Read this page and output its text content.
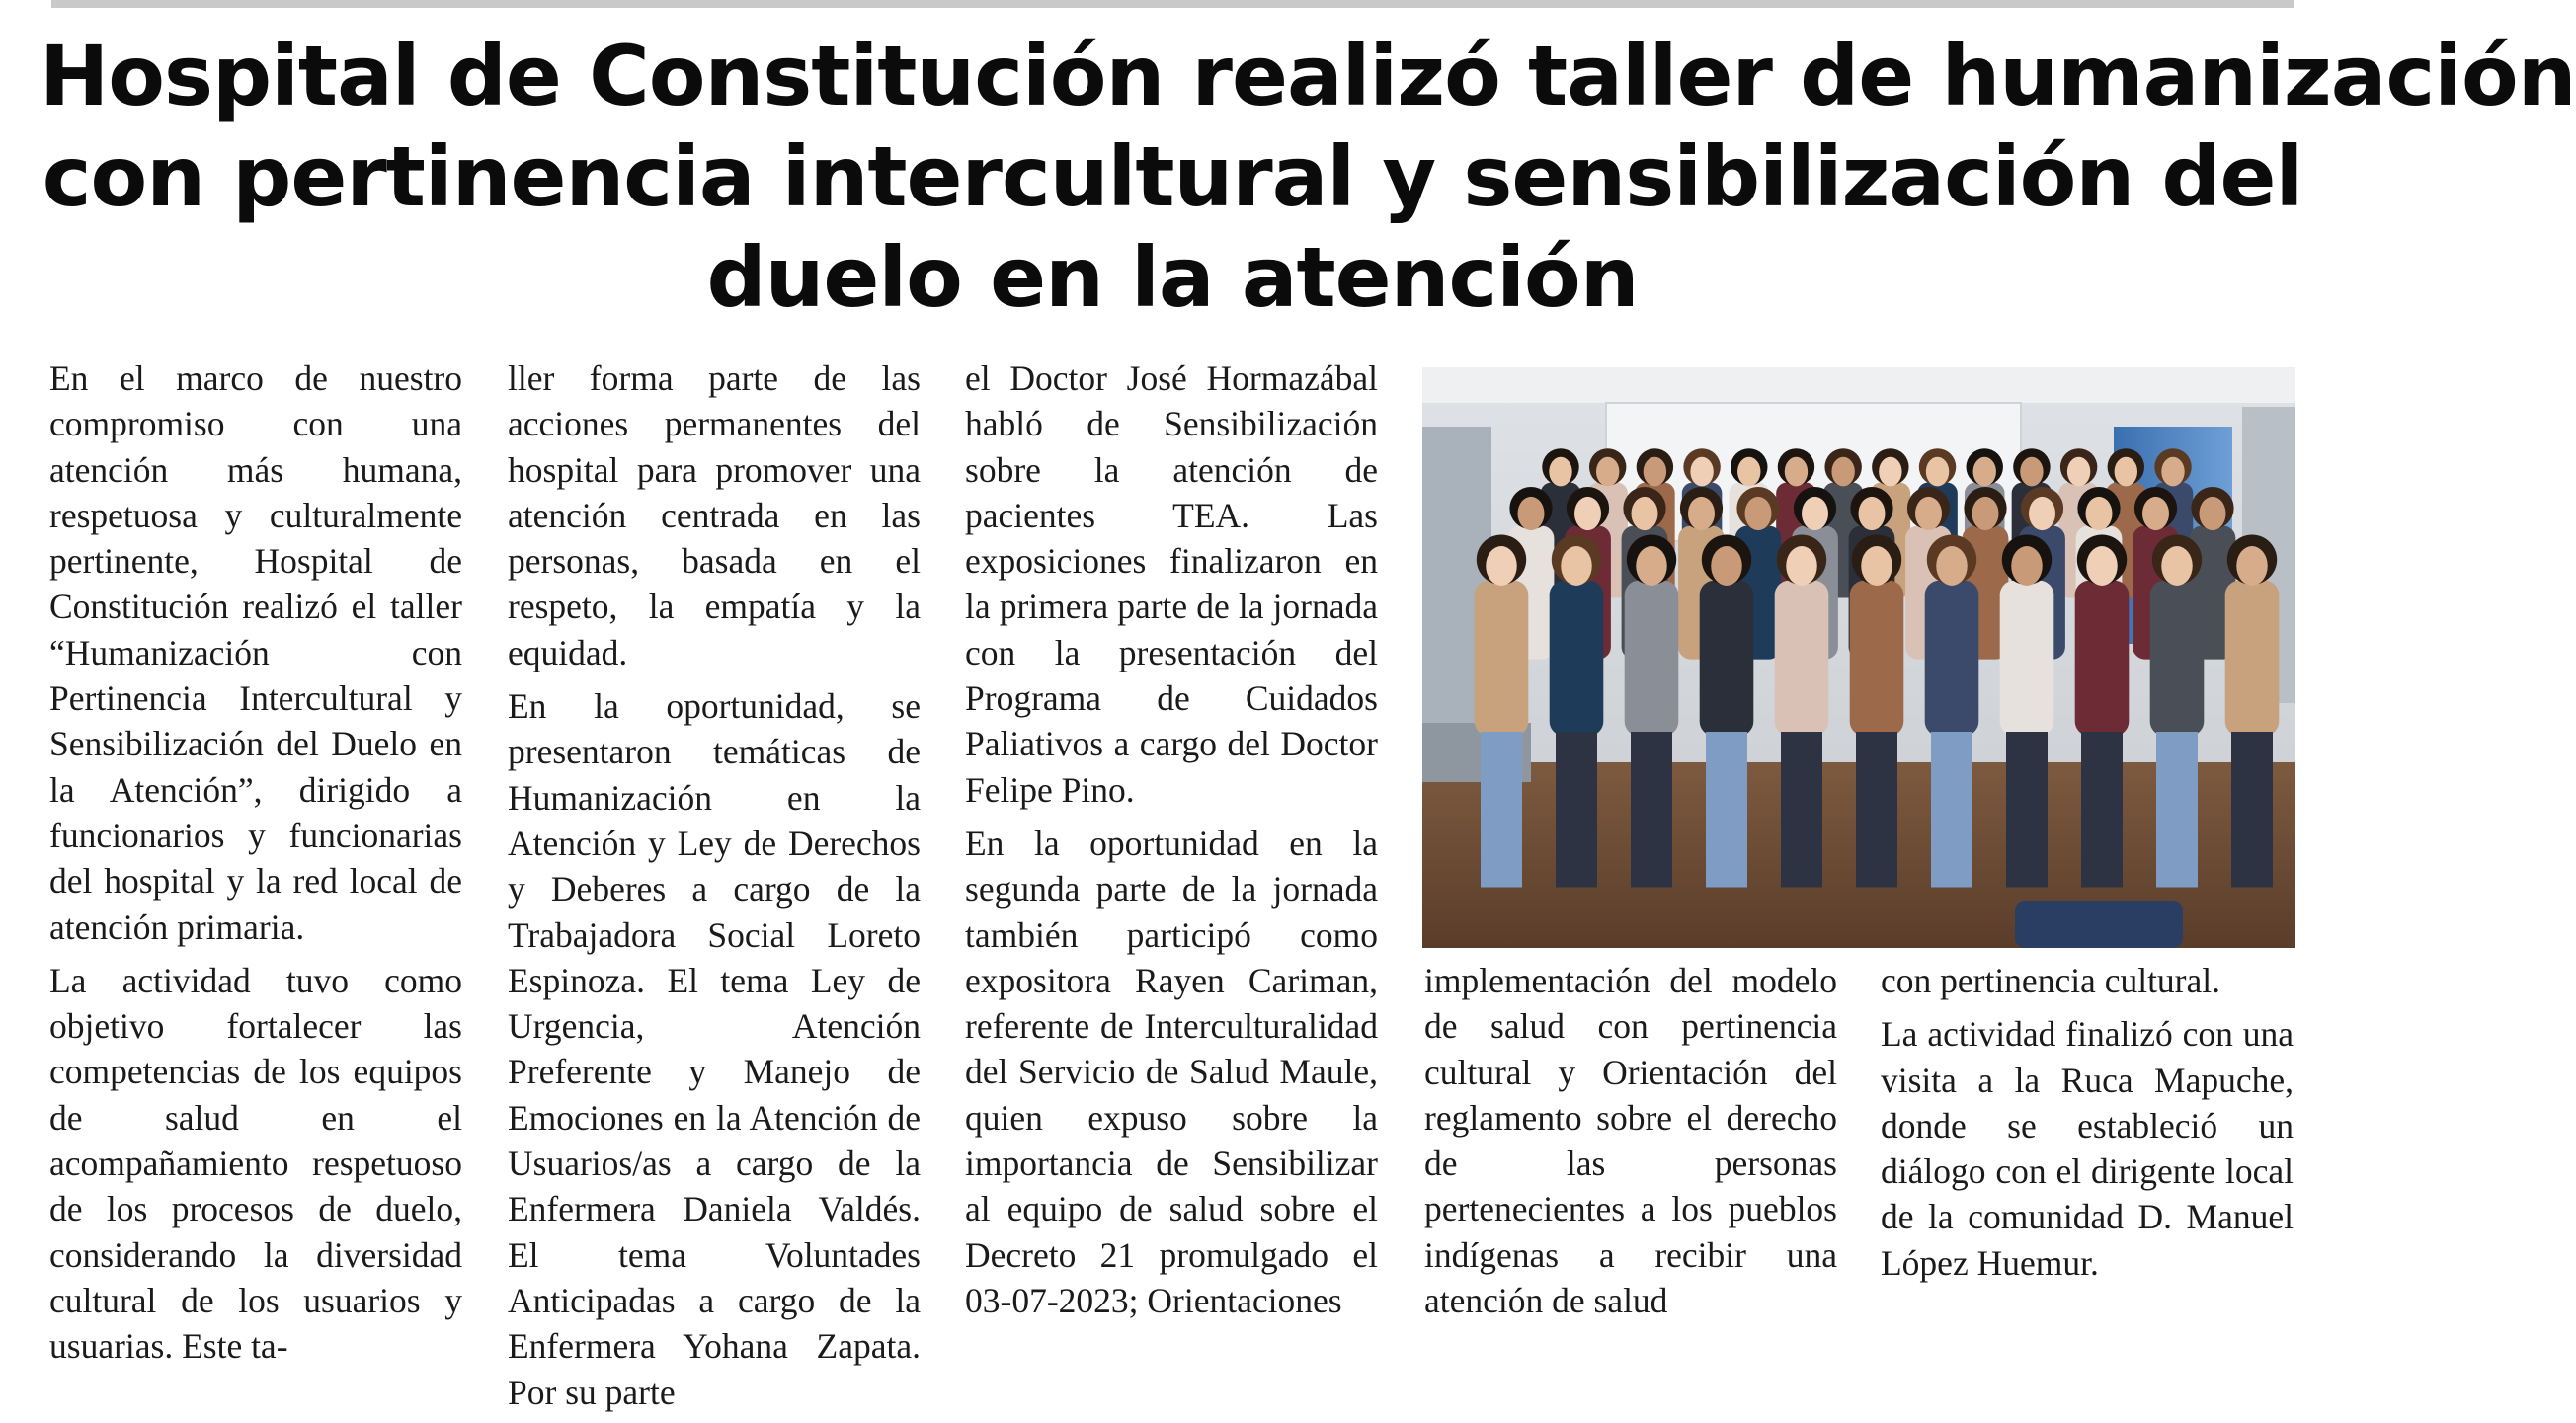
Hospital de Constitución realizó taller de humanización
con pertinencia intercultural y sensibilización del
duelo en la atención

En el marco de nuestro compromiso con una atención más humana, respetuosa y culturalmente pertinente, Hospital de Constitución realizó el taller “Humanización con Pertinencia Intercultural y Sensibilización del Duelo en la Atención”, dirigido a funcionarios y funcionarias del hospital y la red local de atención primaria.

La actividad tuvo como objetivo fortalecer las competencias de los equipos de salud en el acompañamiento respetuoso de los procesos de duelo, considerando la diversidad cultural de los usuarios y usuarias. Este ta-

ller forma parte de las acciones permanentes del hospital para promover una atención centrada en las personas, basada en el respeto, la empatía y la equidad.

En la oportunidad, se presentaron temáticas de Humanización en la Atención y Ley de Derechos y Deberes a cargo de la Trabajadora Social Loreto Espinoza. El tema Ley de Urgencia, Atención Preferente y Manejo de Emociones en la Atención de Usuarios/as a cargo de la Enfermera Daniela Valdés. El tema Voluntades Anticipadas a cargo de la Enfermera Yohana Zapata. Por su parte

el Doctor José Hormazábal habló de Sensibilización sobre la atención de pacientes TEA. Las exposiciones finalizaron en la primera parte de la jornada con la presentación del Programa de Cuidados Paliativos a cargo del Doctor Felipe Pino.

En la oportunidad en la segunda parte de la jornada también participó como expositora Rayen Cariman, referente de Interculturalidad del Servicio de Salud Maule, quien expuso sobre la importancia de Sensibilizar al equipo de salud sobre el Decreto 21 promulgado el 03-07-2023; Orientaciones

implementación del modelo de salud con pertinencia cultural y Orientación del reglamento sobre el derecho de las personas pertenecientes a los pueblos indígenas a recibir una atención de salud

con pertinencia cultural.

La actividad finalizó con una visita a la Ruca Mapuche, donde se estableció un diálogo con el dirigente local de la comunidad D. Manuel López Huemur.
